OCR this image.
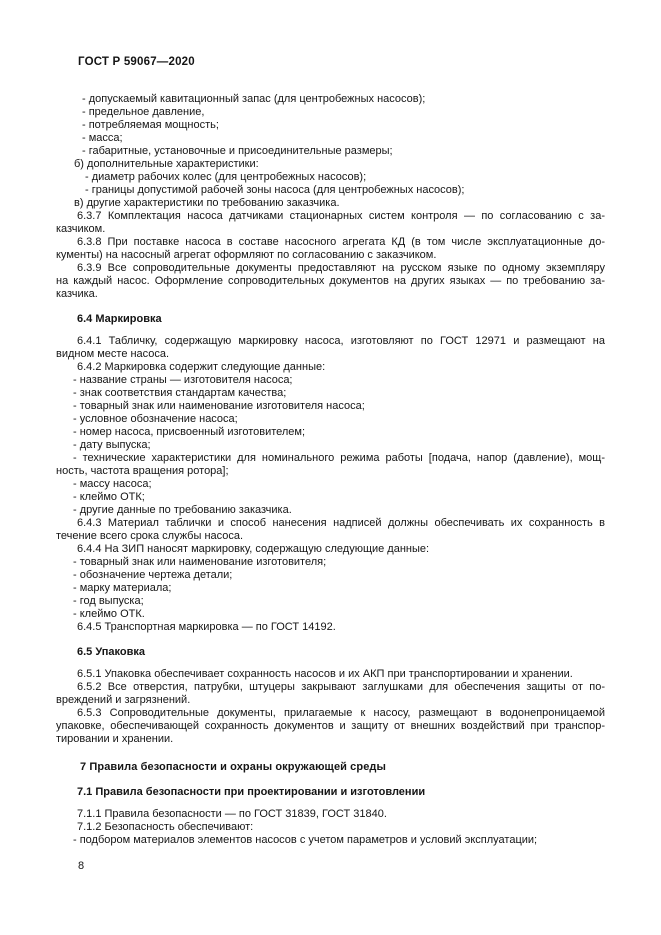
ГОСТ Р 59067—2020
- допускаемый кавитационный запас (для центробежных насосов);
- предельное давление,
- потребляемая мощность;
- масса;
- габаритные, установочные и присоединительные размеры;
б) дополнительные характеристики:
- диаметр рабочих колес (для центробежных насосов);
- границы допустимой рабочей зоны насоса (для центробежных насосов);
в) другие характеристики по требованию заказчика.
6.3.7 Комплектация насоса датчиками стационарных систем контроля — по согласованию с за-
казчиком.
6.3.8 При поставке насоса в составе насосного агрегата КД (в том числе эксплуатационные до-
кументы) на насосный агрегат оформляют по согласованию с заказчиком.
6.3.9 Все сопроводительные документы предоставляют на русском языке по одному экземпляру
на каждый насос. Оформление сопроводительных документов на других языках — по требованию за-
казчика.
6.4 Маркировка
6.4.1 Табличку, содержащую маркировку насоса, изготовляют по ГОСТ 12971 и размещают на
видном месте насоса.
6.4.2 Маркировка содержит следующие данные:
- название страны — изготовителя насоса;
- знак соответствия стандартам качества;
- товарный знак или наименование изготовителя насоса;
- условное обозначение насоса;
- номер насоса, присвоенный изготовителем;
- дату выпуска;
- технические характеристики для номинального режима работы [подача, напор (давление), мощ-
ность, частота вращения ротора];
- массу насоса;
- клеймо ОТК;
- другие данные по требованию заказчика.
6.4.3 Материал таблички и способ нанесения надписей должны обеспечивать их сохранность в
течение всего срока службы насоса.
6.4.4 На ЗИП наносят маркировку, содержащую следующие данные:
- товарный знак или наименование изготовителя;
- обозначение чертежа детали;
- марку материала;
- год выпуска;
- клеймо ОТК.
6.4.5 Транспортная маркировка — по ГОСТ 14192.
6.5 Упаковка
6.5.1 Упаковка обеспечивает сохранность насосов и их АКП при транспортировании и хранении.
6.5.2 Все отверстия, патрубки, штуцеры закрывают заглушками для обеспечения защиты от по-
вреждений и загрязнений.
6.5.3 Сопроводительные документы, прилагаемые к насосу, размещают в водонепроницаемой
упаковке, обеспечивающей сохранность документов и защиту от внешних воздействий при транспор-
тировании и хранении.
7 Правила безопасности и охраны окружающей среды
7.1 Правила безопасности при проектировании и изготовлении
7.1.1 Правила безопасности — по ГОСТ 31839, ГОСТ 31840.
7.1.2 Безопасность обеспечивают:
- подбором материалов элементов насосов с учетом параметров и условий эксплуатации;
8
